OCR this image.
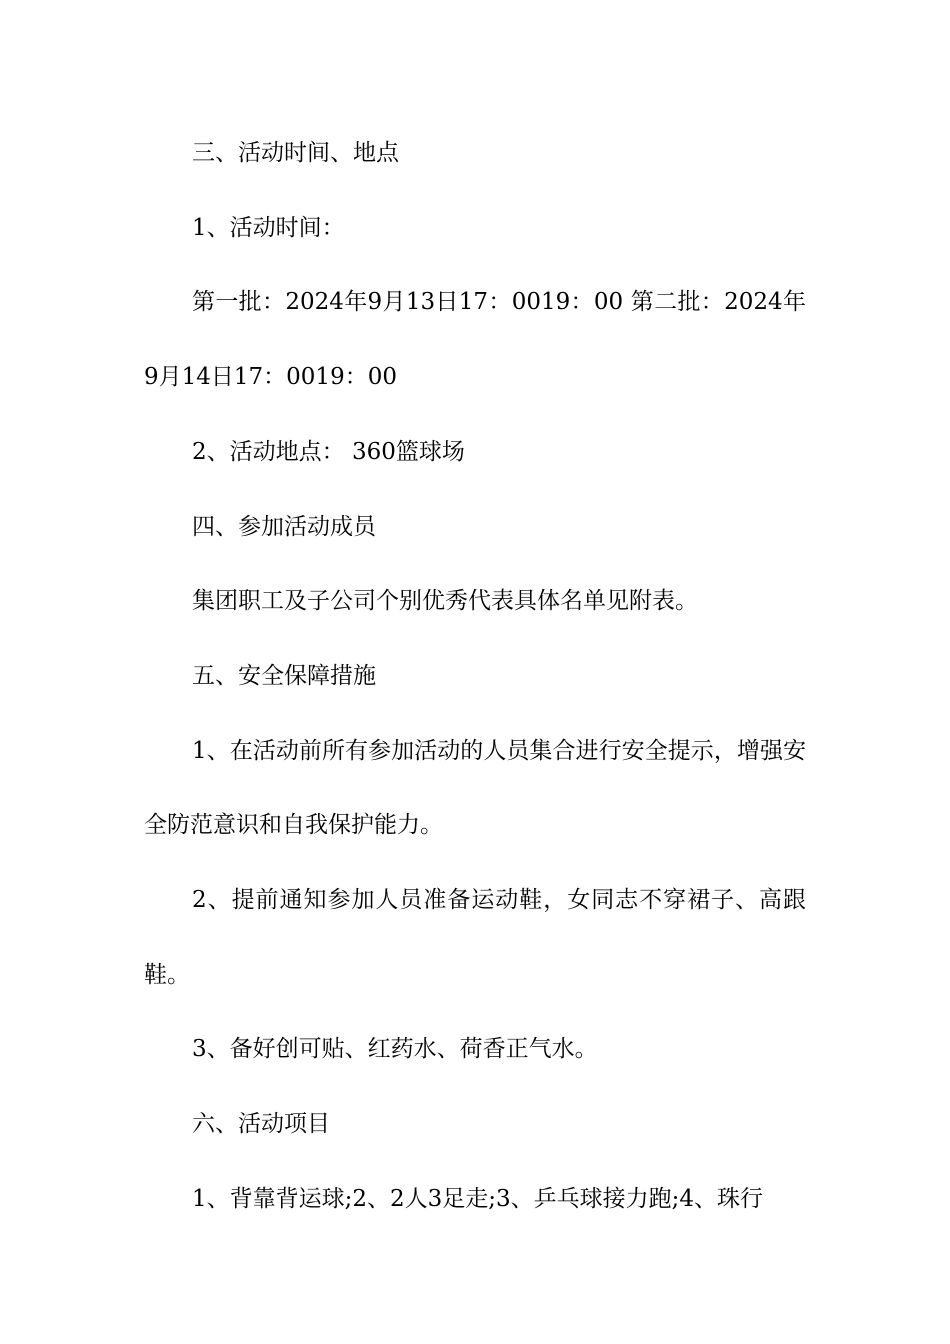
三、活动时间、地点

1、活动时间：

第一批：2024年9月13日17：0019：00 第二批：2024年9月14日17：0019：00

2、活动地点： 360篮球场

四、参加活动成员

集团职工及子公司个别优秀代表具体名单见附表。

五、安全保障措施

1、在活动前所有参加活动的人员集合进行安全提示，增强安全防范意识和自我保护能力。

2、提前通知参加人员准备运动鞋，女同志不穿裙子、高跟鞋。

3、备好创可贴、红药水、荷香正气水。

六、活动项目

1、背靠背运球;2、2人3足走;3、乒乓球接力跑;4、珠行
